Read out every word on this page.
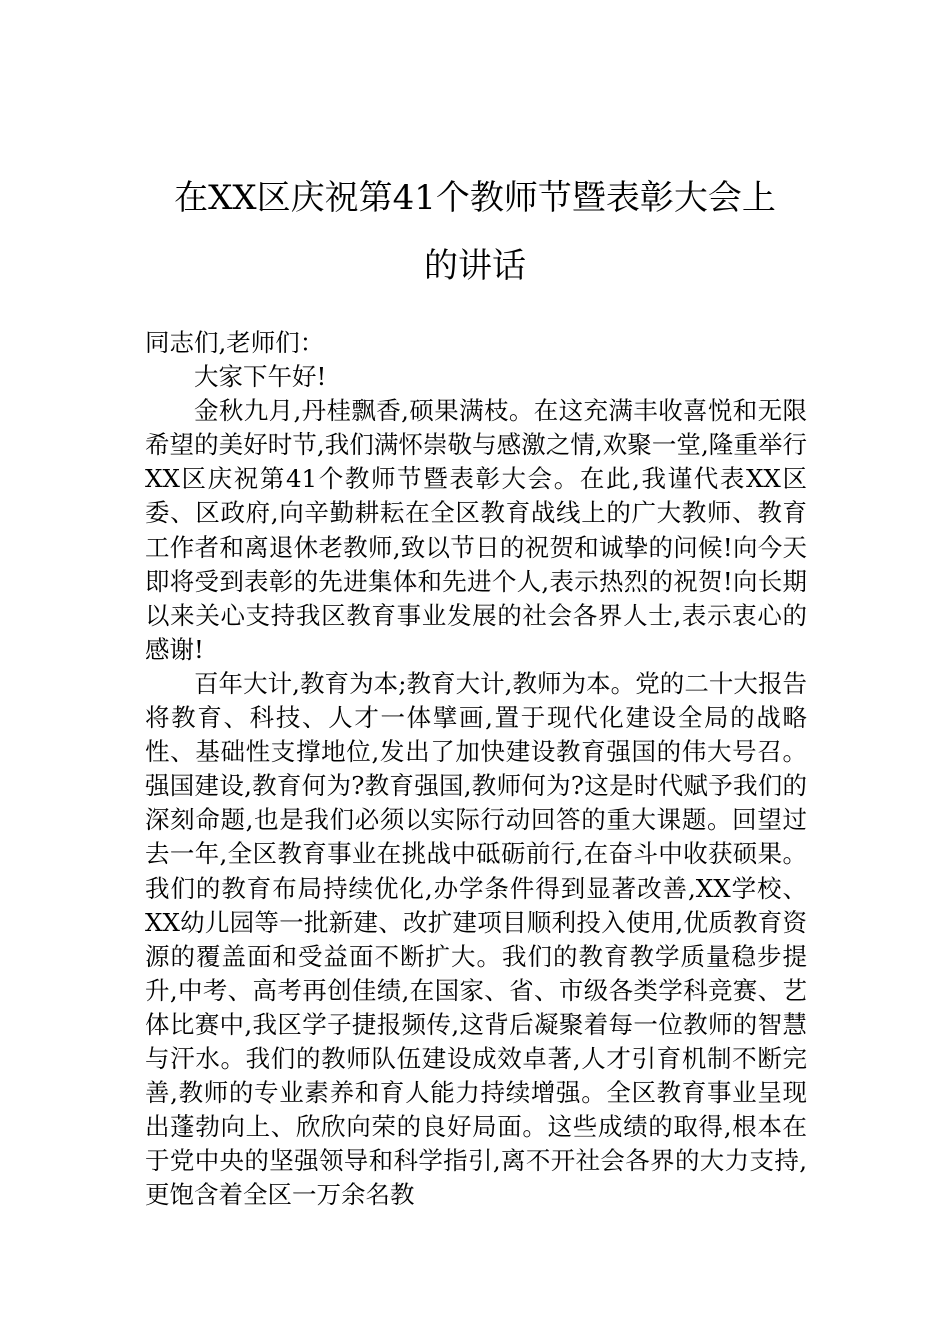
在XX区庆祝第41个教师节暨表彰大会上
的讲话

同志们,老师们：

大家下午好!

金秋九月,丹桂飘香,硕果满枝。在这充满丰收喜悦和无限希望的美好时节,我们满怀崇敬与感激之情,欢聚一堂,隆重举行XX区庆祝第41个教师节暨表彰大会。在此,我谨代表XX区委、区政府,向辛勤耕耘在全区教育战线上的广大教师、教育工作者和离退休老教师,致以节日的祝贺和诚挚的问候!向今天即将受到表彰的先进集体和先进个人,表示热烈的祝贺!向长期以来关心支持我区教育事业发展的社会各界人士,表示衷心的感谢!

百年大计,教育为本;教育大计,教师为本。党的二十大报告将教育、科技、人才一体擘画,置于现代化建设全局的战略性、基础性支撑地位,发出了加快建设教育强国的伟大号召。强国建设,教育何为?教育强国,教师何为?这是时代赋予我们的深刻命题,也是我们必须以实际行动回答的重大课题。回望过去一年,全区教育事业在挑战中砥砺前行,在奋斗中收获硕果。我们的教育布局持续优化,办学条件得到显著改善,XX学校、XX幼儿园等一批新建、改扩建项目顺利投入使用,优质教育资源的覆盖面和受益面不断扩大。我们的教育教学质量稳步提升,中考、高考再创佳绩,在国家、省、市级各类学科竞赛、艺体比赛中,我区学子捷报频传,这背后凝聚着每一位教师的智慧与汗水。我们的教师队伍建设成效卓著,人才引育机制不断完善,教师的专业素养和育人能力持续增强。全区教育事业呈现出蓬勃向上、欣欣向荣的良好局面。这些成绩的取得,根本在于党中央的坚强领导和科学指引,离不开社会各界的大力支持,更饱含着全区一万余名教
